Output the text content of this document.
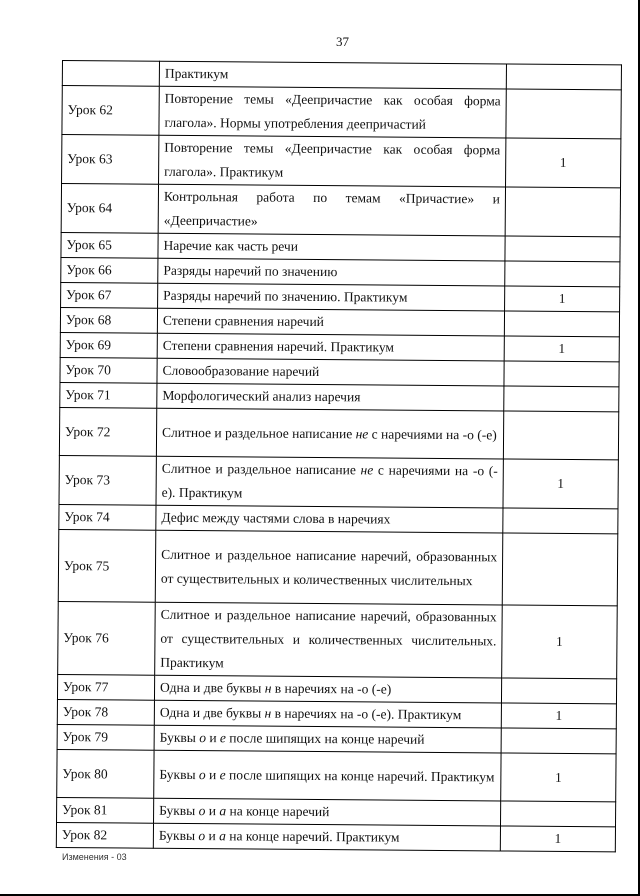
37
	Практикум	
Урок 62	Повторение темы «Деепричастие как особая форма глагола». Нормы употребления деепричастий	
Урок 63	Повторение темы «Деепричастие как особая форма глагола». Практикум	1
Урок 64	Контрольная работа по темам «Причастие» и «Деепричастие»	
Урок 65	Наречие как часть речи	
Урок 66	Разряды наречий по значению	
Урок 67	Разряды наречий по значению. Практикум	1
Урок 68	Степени сравнения наречий	
Урок 69	Степени сравнения наречий. Практикум	1
Урок 70	Словообразование наречий	
Урок 71	Морфологический анализ наречия	
Урок 72	Слитное и раздельное написание не с наречиями на -о (-е)	
Урок 73	Слитное и раздельное написание не с наречиями на -о (-е). Практикум	1
Урок 74	Дефис между частями слова в наречиях	
Урок 75	Слитное и раздельное написание наречий, образованных от существительных и количественных числительных	
Урок 76	Слитное и раздельное написание наречий, образованных от существительных и количественных числительных. Практикум	1
Урок 77	Одна и две буквы н в наречиях на -о (-е)	
Урок 78	Одна и две буквы н в наречиях на -о (-е). Практикум	1
Урок 79	Буквы о и е после шипящих на конце наречий	
Урок 80	Буквы о и е после шипящих на конце наречий. Практикум	1
Урок 81	Буквы о и а на конце наречий	
Урок 82	Буквы о и а на конце наречий. Практикум	1
Изменения - 03
